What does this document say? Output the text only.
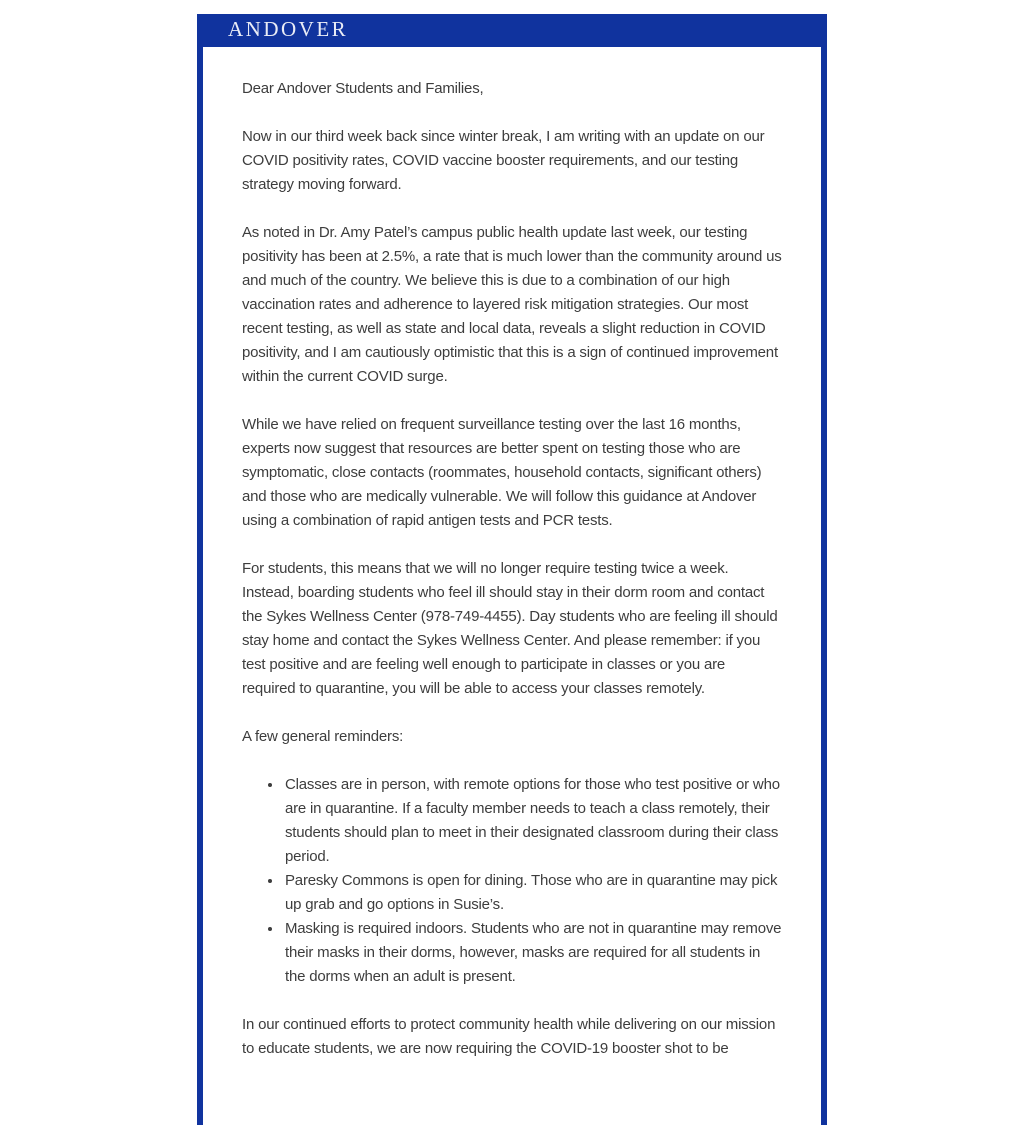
ANDOVER

Dear Andover Students and Families,

Now in our third week back since winter break, I am writing with an update on our COVID positivity rates, COVID vaccine booster requirements, and our testing strategy moving forward.

As noted in Dr. Amy Patel’s campus public health update last week, our testing positivity has been at 2.5%, a rate that is much lower than the community around us and much of the country. We believe this is due to a combination of our high vaccination rates and adherence to layered risk mitigation strategies. Our most recent testing, as well as state and local data, reveals a slight reduction in COVID positivity, and I am cautiously optimistic that this is a sign of continued improvement within the current COVID surge.

While we have relied on frequent surveillance testing over the last 16 months, experts now suggest that resources are better spent on testing those who are symptomatic, close contacts (roommates, household contacts, significant others) and those who are medically vulnerable. We will follow this guidance at Andover using a combination of rapid antigen tests and PCR tests.

For students, this means that we will no longer require testing twice a week. Instead, boarding students who feel ill should stay in their dorm room and contact the Sykes Wellness Center (978-749-4455). Day students who are feeling ill should stay home and contact the Sykes Wellness Center. And please remember: if you test positive and are feeling well enough to participate in classes or you are required to quarantine, you will be able to access your classes remotely.

A few general reminders:

• Classes are in person, with remote options for those who test positive or who are in quarantine. If a faculty member needs to teach a class remotely, their students should plan to meet in their designated classroom during their class period.
• Paresky Commons is open for dining. Those who are in quarantine may pick up grab and go options in Susie’s.
• Masking is required indoors. Students who are not in quarantine may remove their masks in their dorms, however, masks are required for all students in the dorms when an adult is present.

In our continued efforts to protect community health while delivering on our mission to educate students, we are now requiring the COVID-19 booster shot to be
